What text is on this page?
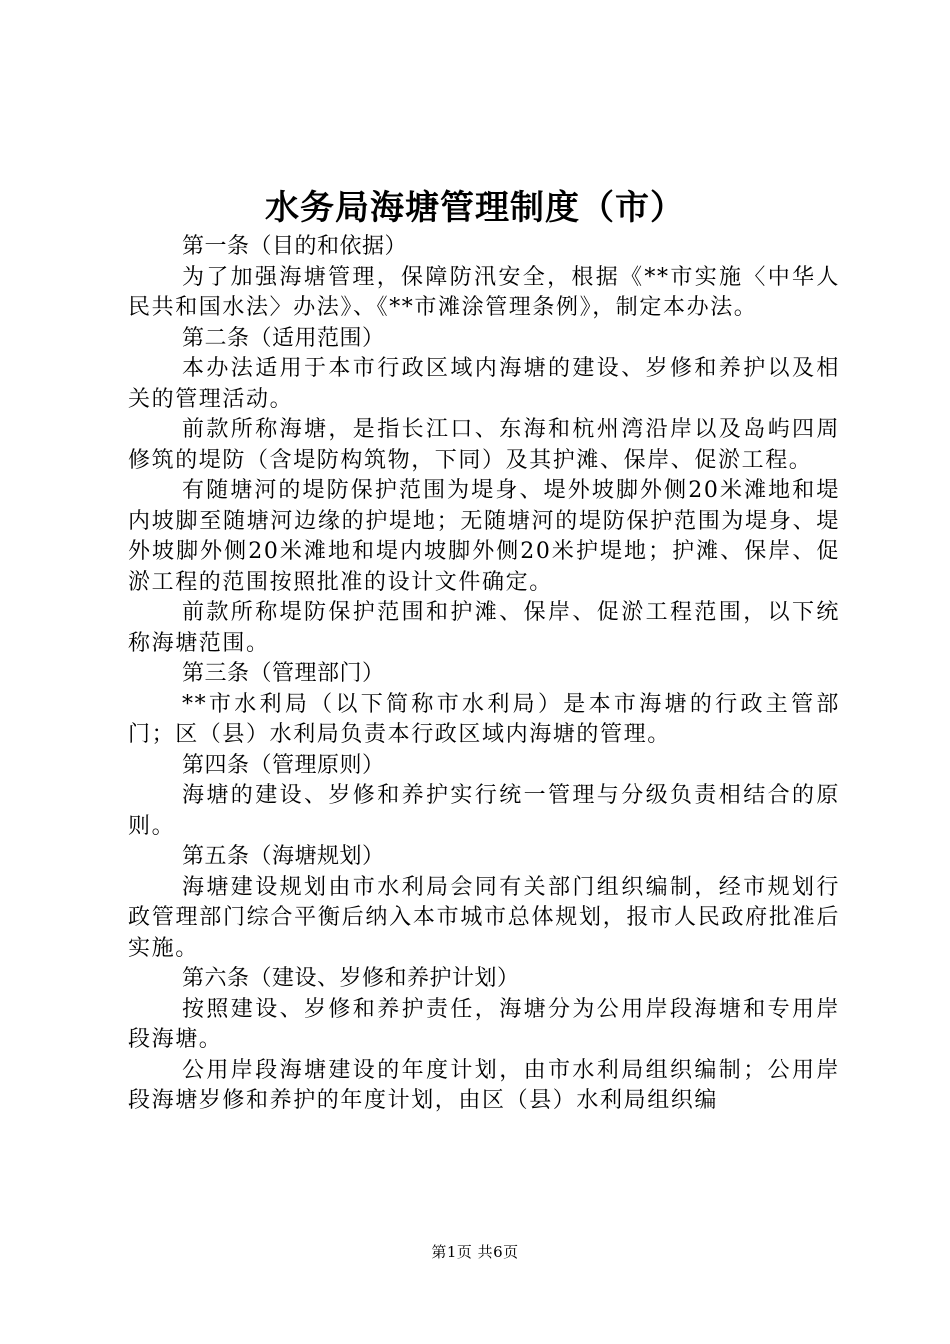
水务局海塘管理制度（市）

第一条（目的和依据）

为了加强海塘管理，保障防汛安全，根据《**市实施〈中华人民共和国水法〉办法》、《**市滩涂管理条例》，制定本办法。

第二条（适用范围）

本办法适用于本市行政区域内海塘的建设、岁修和养护以及相关的管理活动。

前款所称海塘，是指长江口、东海和杭州湾沿岸以及岛屿四周修筑的堤防（含堤防构筑物，下同）及其护滩、保岸、促淤工程。

有随塘河的堤防保护范围为堤身、堤外坡脚外侧20米滩地和堤内坡脚至随塘河边缘的护堤地；无随塘河的堤防保护范围为堤身、堤外坡脚外侧20米滩地和堤内坡脚外侧20米护堤地；护滩、保岸、促淤工程的范围按照批准的设计文件确定。

前款所称堤防保护范围和护滩、保岸、促淤工程范围，以下统称海塘范围。

第三条（管理部门）

**市水利局（以下简称市水利局）是本市海塘的行政主管部门；区（县）水利局负责本行政区域内海塘的管理。

第四条（管理原则）

海塘的建设、岁修和养护实行统一管理与分级负责相结合的原则。

第五条（海塘规划）

海塘建设规划由市水利局会同有关部门组织编制，经市规划行政管理部门综合平衡后纳入本市城市总体规划，报市人民政府批准后实施。

第六条（建设、岁修和养护计划）

按照建设、岁修和养护责任，海塘分为公用岸段海塘和专用岸段海塘。

公用岸段海塘建设的年度计划，由市水利局组织编制；公用岸段海塘岁修和养护的年度计划，由区（县）水利局组织编

第1页 共6页
